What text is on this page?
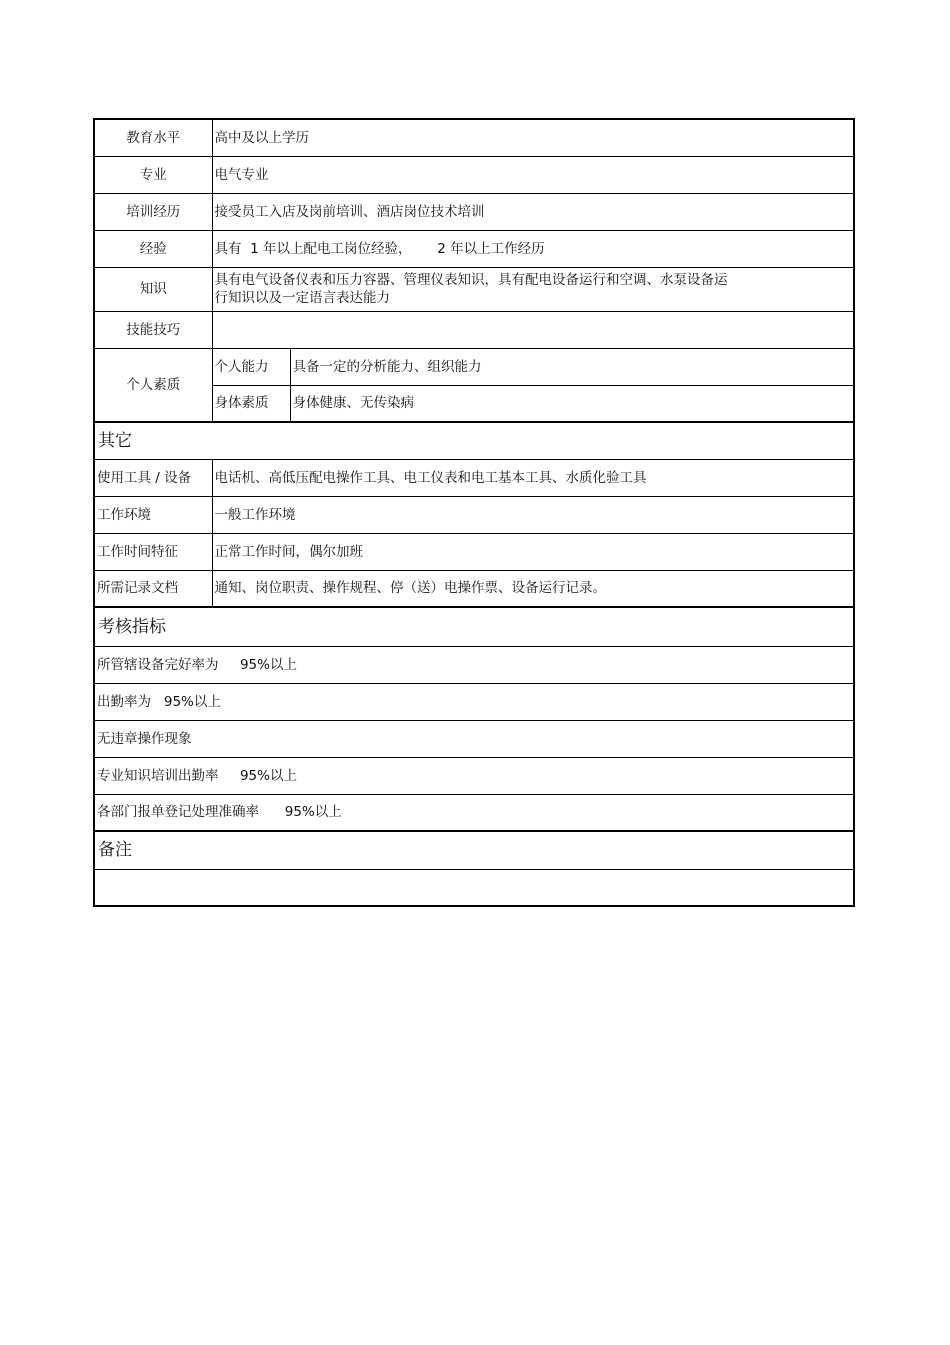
教育水平	高中及以上学历	
专业	电气专业	
培训经历	接受员工入店及岗前培训、酒店岗位技术培训	
经验	具有  1 年以上配电工岗位经验，      2 年以上工作经历	
知识	具有电气设备仪表和压力容器、管理仪表知识，具有配电设备运行和空调、水泵设备运
行知识以及一定语言表达能力	

技能技巧		
个人素质	个人能力	具备一定的分析能力、组织能力
	身体素质	身体健康、无传染病
其它		
使用工具 / 设备	电话机、高低压配电操作工具、电工仪表和电工基本工具、水质化验工具	
工作环境	一般工作环境	
工作时间特征	正常工作时间，偶尔加班	
所需记录文档	通知、岗位职责、操作规程、停（送）电操作票、设备运行记录。	
考核指标		
所管辖设备完好率为     95%以上		
出勤率为   95%以上		
无违章操作现象		
专业知识培训出勤率     95%以上		
各部门报单登记处理准确率      95%以上		
备注		
